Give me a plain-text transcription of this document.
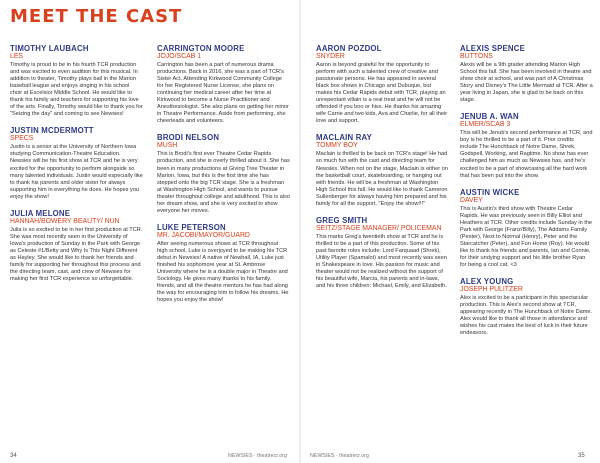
MEET THE CAST
TIMOTHY LAUBACH
LES
Timothy is proud to be in his fourth TCR production and was excited to even audition for this musical. In addition to theater, Timothy plays ball in the Marion baseball league and enjoys singing in his school choir at Excelsior Middle School. He would like to thank his family and teachers for supporting his love of the arts. Finally, Timothy would like to thank you for "Seizing the day" and coming to see Newsies!
JUSTIN MCDERMOTT
SPECS
Justin is a senior at the University of Northern Iowa studying Communication-Theatre Education. Newsies will be his first show at TCR and he is very excited for the opportunity to perform alongside so many talented individuals. Justin would especially like to thank his parents and older sister for always supporting him in everything he does. He hopes you enjoy the show!
JULIA MELONE
HANNAH/BOWERY BEAUTY/ NUN
Julia is so excited to be in her first production at TCR. She was most recently seen in the University of Iowa's production of Sunday in the Park with George as Celeste #1/Betty and Why Is This Night Different as Hayley. She would like to thank her friends and family for supporting her throughout this process and the directing team, cast, and crew of Newsies for making her first TCR experience so unforgettable.
CARRINGTON MOORE
JOJO/SCAB 1
Carrington has been a part of numerous drama productions. Back in 2016, she was a part of TCR's Sister Act. Attending Kirkwood Community College for her Registered Nurse License, she plans on continuing her medical career after her time at Kirkwood to become a Nurse Practitioner and Anesthesiologist. She also plans on getting her minor in Theatre Performance. Aside from performing, she cheerleads and volunteers.
BRODI NELSON
MUSH
This is Brodi's first ever Theatre Cedar Rapids production, and she is overly thrilled about it. She has been in many productions at Giving Tree Theater in Marion, Iowa, but this is the first time she has stepped onto the big TCR stage. She is a freshman at Washington High School, and wants to pursue theater throughout college and adulthood. This is also her dream show, and she is very excited to show everyone her moves.
LUKE PETERSON
MR. JACOBI/MAYOR/GUARD
After seeing numerous shows at TCR throughout high school, Luke is overjoyed to be making his TCR debut in Newsies! A native of Newhall, IA, Luke just finished his sophomore year at St. Ambrose University where he is a double major in Theatre and Sociology. He gives many thanks to his family, friends, and all the theatre mentors he has had along the way for encouraging him to follow his dreams. He hopes you enjoy the show!
34	NEWSIES · theatrecr.org
AARON POZDOL
SNYDER
Aaron is beyond grateful for the opportunity to perform with such a talented crew of creative and passionate persons. He has appeared in several black box shows in Chicago and Dubuque, but makes his Cedar Rapids debut with TCR, playing an unrepentant villain is a real treat and he will not be offended if you boo or hiss. He thanks his amazing wife Carrie and two kids, Ava and Charlie, for all their love and support.
MACLAIN RAY
TOMMY BOY
Maclain is thrilled to be back on TCR's stage! He had so much fun with the cast and directing team for Newsies. When not on the stage, Maclain is either on the basketball court, skateboarding, or hanging out with friends. He will be a freshman at Washington High School this fall. He would like to thank Cameron Sullenberger for always having him prepared and his family for all the support. "Enjoy the show!!!"
GREG SMITH
SEITZ/STAGE MANAGER/ POLICEMAN
This marks Greg's twentieth show at TCR and he is thrilled to be a part of this production. Some of his past favorite roles include: Lord Farquaad (Shrek), Utility Player (Spamalot) and most recently was seen in Shakespeare in love. His passion for music and theater would not be realized without the support of his beautiful wife, Marcia, his parents and in-laws, and his three children: Michael, Emily, and Elizabeth.
ALEXIS SPENCE
BUTTONS
Alexis will be a 9th grader attending Marion High School this fall. She has been involved in theatre and show choir at school, and was part of A Christmas Story and Disney's The Little Mermaid at TCR. After a year living in Japan, she is glad to be back on this stage.
JENUB A. WAN
ELMER/SCAB 3
This will be Jenub's second performance at TCR, and boy is he thrilled to be a part of it. Prior credits include The Hunchback of Notre Dame, Shrek, Godspell, Working, and Ragtime. No show has ever challenged him as much as Newsies has, and he's excited to be a part of showcasing all the hard work that has been put into the show.
AUSTIN WICKE
DAVEY
This is Austin's third show with Theatre Cedar Rapids. He was previously seen in Billy Elliot and Heathers at TCR. Other credits include Sunday in the Park with George (Franz/Billy), The Addams Family (Pester), Next to Normal (Henry), Peter and the Starcatcher (Peter), and Fun Home (Roy). He would like to thank his friends and parents, Ian and Connie, for their undying support and his little brother Ryan for being a cool cat. <3
ALEX YOUNG
JOSEPH PULITZER
Alex is excited to be a participant in this spectacular production. This is Alex's second show at TCR, appearing recently in The Hunchback of Notre Dame. Alex would like to thank all those in attendance and wishes his cast mates the best of luck in their future endeavors.
NEWSIES · theatrecr.org	35
